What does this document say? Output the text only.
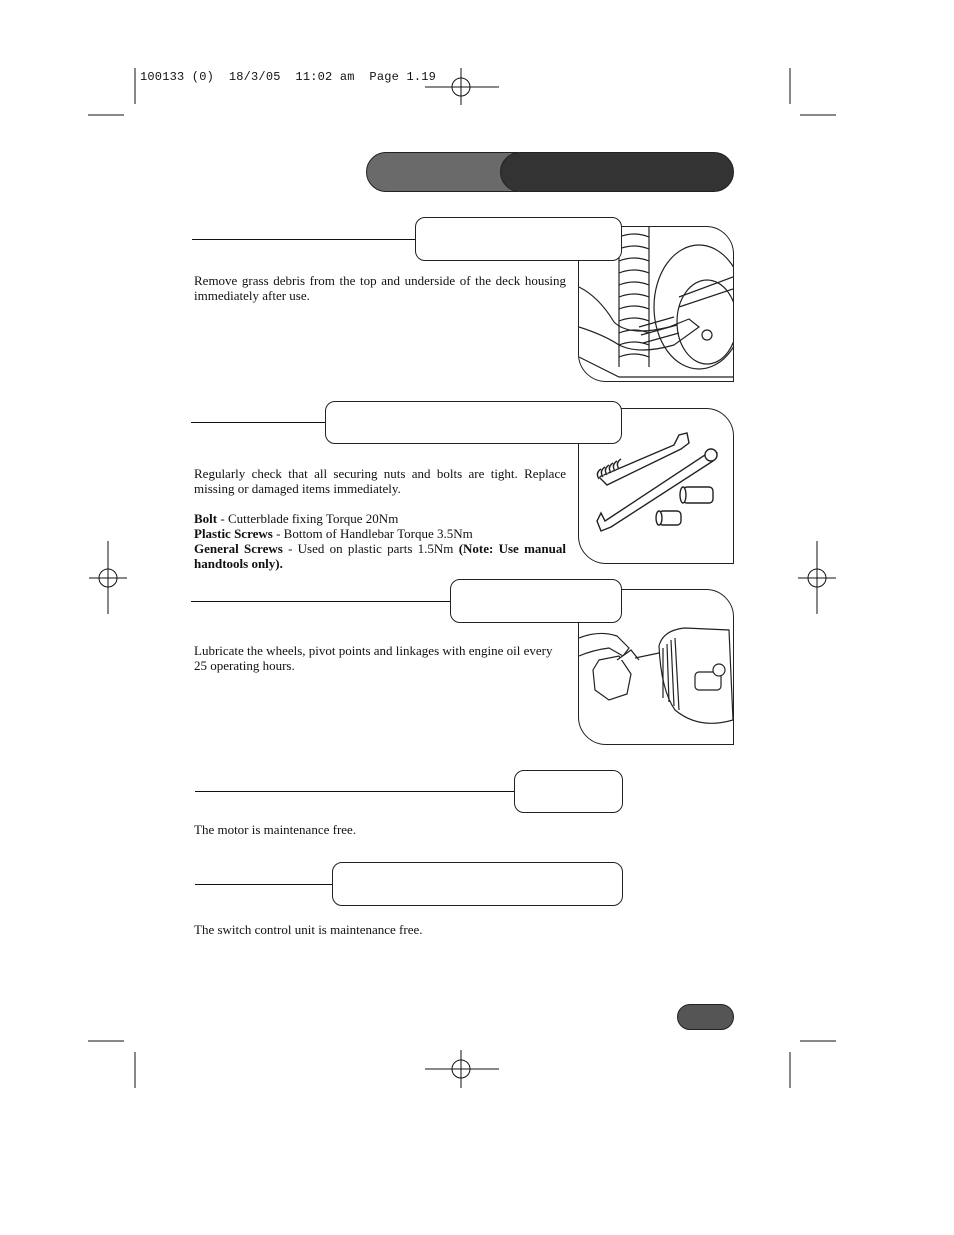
100133 (0)  18/3/05  11:02 am  Page 1.19
Remove grass debris from the top and underside of the deck housing immediately after use.
Regularly check that all securing nuts and bolts are tight. Replace missing or damaged items immediately.
Bolt - Cutterblade fixing Torque 20Nm
Plastic Screws - Bottom of Handlebar Torque 3.5Nm
General Screws - Used on plastic parts 1.5Nm (Note: Use manual handtools only).
Lubricate the wheels, pivot points and linkages with engine oil every 25 operating hours.
The motor is maintenance free.
The switch control unit is maintenance free.
